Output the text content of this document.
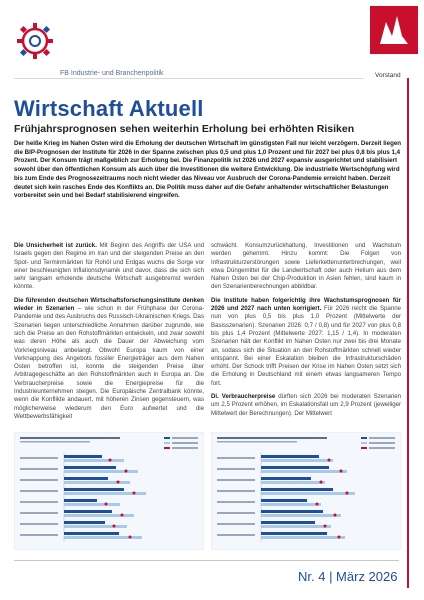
FB Industrie- und Branchenpolitik	Vorstand
Wirtschaft Aktuell
Frühjahrsprognosen sehen weiterhin Erholung bei erhöhten Risiken
Der heiße Krieg im Nahen Osten wird die Erholung der deutschen Wirtschaft im günstigsten Fall nur leicht verzögern. Derzeit liegen die BIP-Prognosen der Institute für 2026 in der Spanne zwischen plus 0,5 und plus 1,0 Prozent und für 2027 bei plus 0,8 bis plus 1,4 Prozent. Der Konsum trägt maßgeblich zur Erholung bei. Die Finanzpolitik ist 2026 und 2027 expansiv ausgerichtet und stabilisiert sowohl über den öffentlichen Konsum als auch über die Investitionen die weitere Entwicklung. Die industrielle Wertschöpfung wird bis zum Ende des Prognosezeitraums noch nicht wieder das Niveau vor Ausbruch der Corona-Pandemie erreicht haben. Derzeit deutet sich kein rasches Ende des Konflikts an. Die Politik muss daher auf die Gefahr anhaltender wirtschaftlicher Belastungen vorbereitet sein und bei Bedarf stabilisierend eingreifen.

Die Unsicherheit ist zurück. Mit Beginn des Angriffs der USA und Israels gegen den Regime im Iran und der steigenden Preise an den Spot- und Terminmärkten für Rohöl und Erdgas wuchs die Sorge vor einer beschleunigten Inflationsdynamik und davor, dass die sich sich sehr langsam erholende deutsche Wirtschaft ausgebremst werden könnte.

Die führenden deutschen Wirtschaftsforschungsinstitute denken wieder in Szenarien – wie schon in der Frühphase der Corona-Pandemie und des Ausbruchs des Russisch-Ukrainischen Kriegs. Das Szenarien liegen unterschiedliche Annahmen darüber zugrunde, wie sich die Preise an den Rohstoffmärkten entwickeln, und zwar sowohl was deren Höhe als auch die Dauer der Abweichung vom Vorkriegsniveau anbelangt. Obwohl Europa kaum von einer Verknappung des Angebots fossiler Energieträger aus dem Nahen Osten betroffen ist, konnte die steigenden Preise über Arbitragegeschäfte an den Rohstoffmärkten auch in Europa an. Die Verbraucherpreise sowie die Energiepreise für die Industrieunternehmen steigen. Die Europäische Zentralbank könnte, wenn die Konflikte andauert, mit höheren Zinsen gegensteuern, was möglicherweise wiederum den Euro aufwertet und die Wettbewerbsfähigkeit

schwächt. Konsumzurückhaltung, Investitionen und Wachstum werden gehemmt. Hinzu kommt: Die Folgen von Infrastrukturzerstörungen sowie Lieferkettenunterbrechungen, weil etwa Düngemittel für die Landwirtschaft oder auch Helium aus dem Nahen Osten bei der Chip-Produktion in Asien fehlen, sind kaum in den Szenarienberechnungen abbildbar.

Die Institute haben folgerichtig ihre Wachstumsprognosen für 2026 und 2027 nach unten korrigiert. Für 2026 reicht die Spanne nun von plus 0,5 bis plus 1,0 Prozent (Mittelwerte der Basisszenarien). Szenarien 2026: 0,7 / 0,8) und für 2027 von plus 0,8 bis plus 1,4 Prozent (Mittelwerte 2027: 1,15 / 1,4). In moderaten Szenarien hält der Konflikt im Nahen Osten nur zwei bis drei Monate an, sodass sich die Situation an den Rohstoffmärkten schnell wieder entspannt. Bei einer Eskalation bleiben die Infrastrukturschäden erhöht. Der Schock trifft Preisen der Krise im Nahen Osten setzt sich die Erholung in Deutschland mit einem etwas langsameren Tempo fort.

Di. Verbraucherpreise dürften sich 2026 bei moderaten Szenarien um 2,5 Prozent erhöhen, im Eskalationsfall um 2,9 Prozent (jeweiliger Mittelwert der Berechnungen). Der Mittelwert

Nr. 4 | März 2026
